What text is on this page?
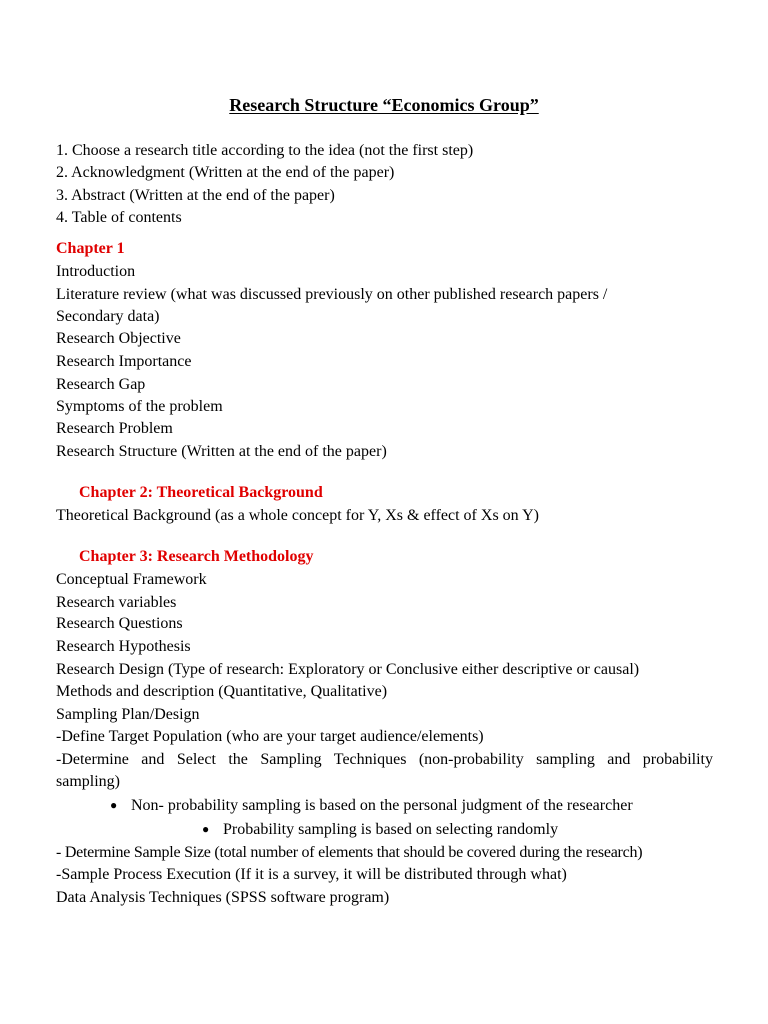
Research Structure “Economics Group”
1. Choose a research title according to the idea (not the first step)
2. Acknowledgment (Written at the end of the paper)
3. Abstract (Written at the end of the paper)
4. Table of contents
Chapter 1
Introduction
Literature review (what was discussed previously on other published research papers /
Secondary data)
Research Objective
Research Importance
Research Gap
Symptoms of the problem
Research Problem
Research Structure (Written at the end of the paper)
Chapter 2: Theoretical Background
Theoretical Background (as a whole concept for Y, Xs & effect of Xs on Y)
Chapter 3: Research Methodology
Conceptual Framework
Research variables
Research Questions
Research Hypothesis
Research Design (Type of research: Exploratory or Conclusive either descriptive or causal)
Methods and description (Quantitative, Qualitative)
Sampling Plan/Design
-Define Target Population (who are your target audience/elements)
-Determine and Select the Sampling Techniques (non-probability sampling and probability
sampling)
● Non- probability sampling is based on the personal judgment of the researcher
● Probability sampling is based on selecting randomly
- Determine Sample Size (total number of elements that should be covered during the research)
-Sample Process Execution (If it is a survey, it will be distributed through what)
Data Analysis Techniques (SPSS software program)
